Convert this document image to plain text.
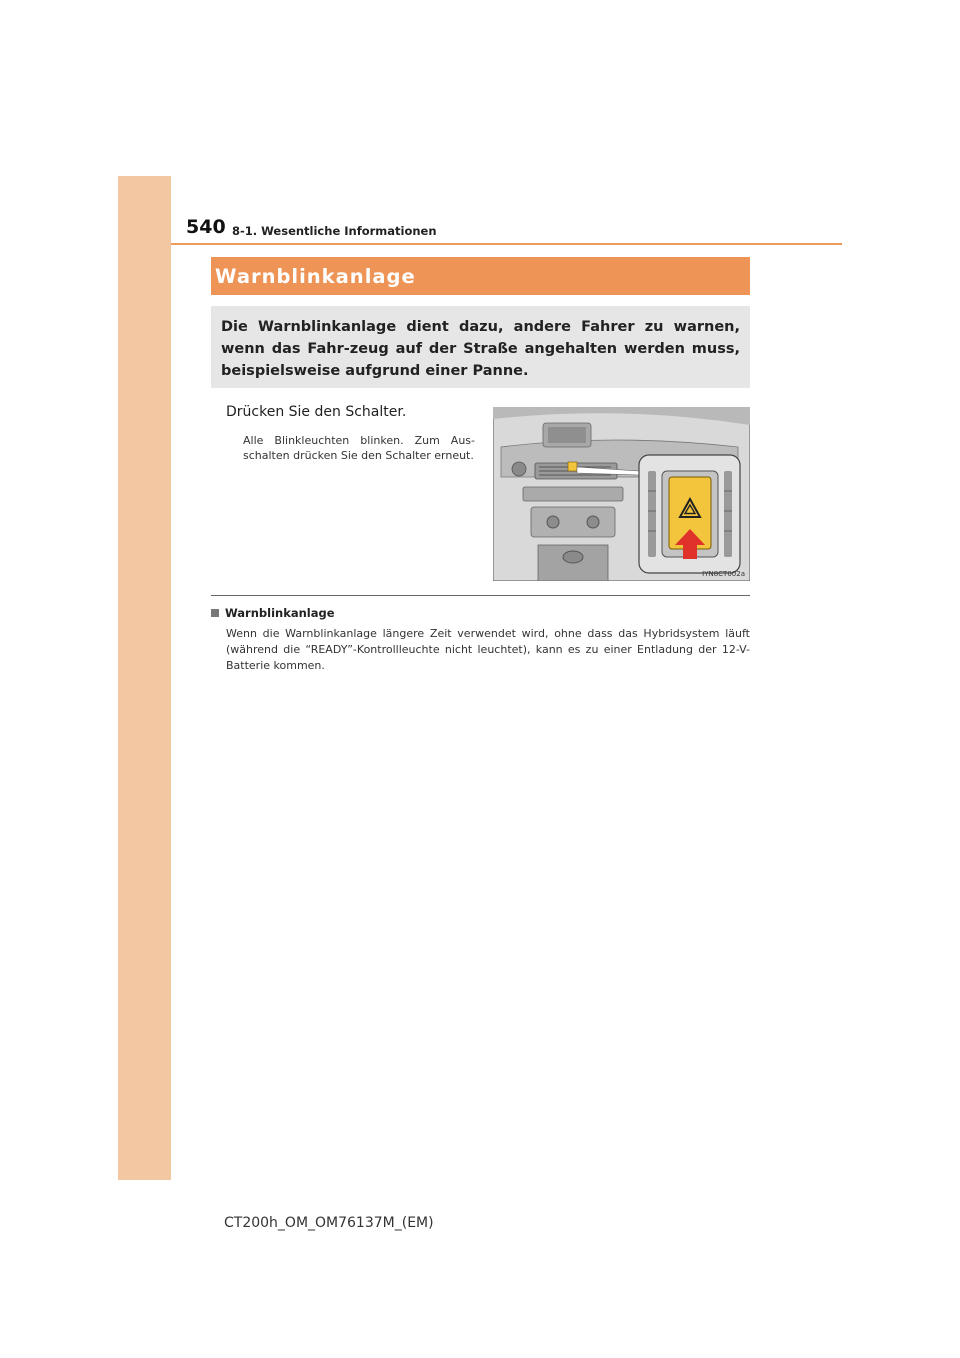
540 8-1. Wesentliche Informationen
Warnblinkanlage

Die Warnblinkanlage dient dazu, andere Fahrer zu warnen, wenn das Fahr-zeug auf der Straße angehalten werden muss, beispielsweise aufgrund einer Panne.

Drücken Sie den Schalter.

Alle Blinkleuchten blinken. Zum Aus-schalten drücken Sie den Schalter erneut.

IYN8CT002a
Warnblinkanlage

Wenn die Warnblinkanlage längere Zeit verwendet wird, ohne dass das Hybridsystem läuft (während die “READY”-Kontrollleuchte nicht leuchtet), kann es zu einer Entladung der 12-V-Batterie kommen.

CT200h_OM_OM76137M_(EM)
